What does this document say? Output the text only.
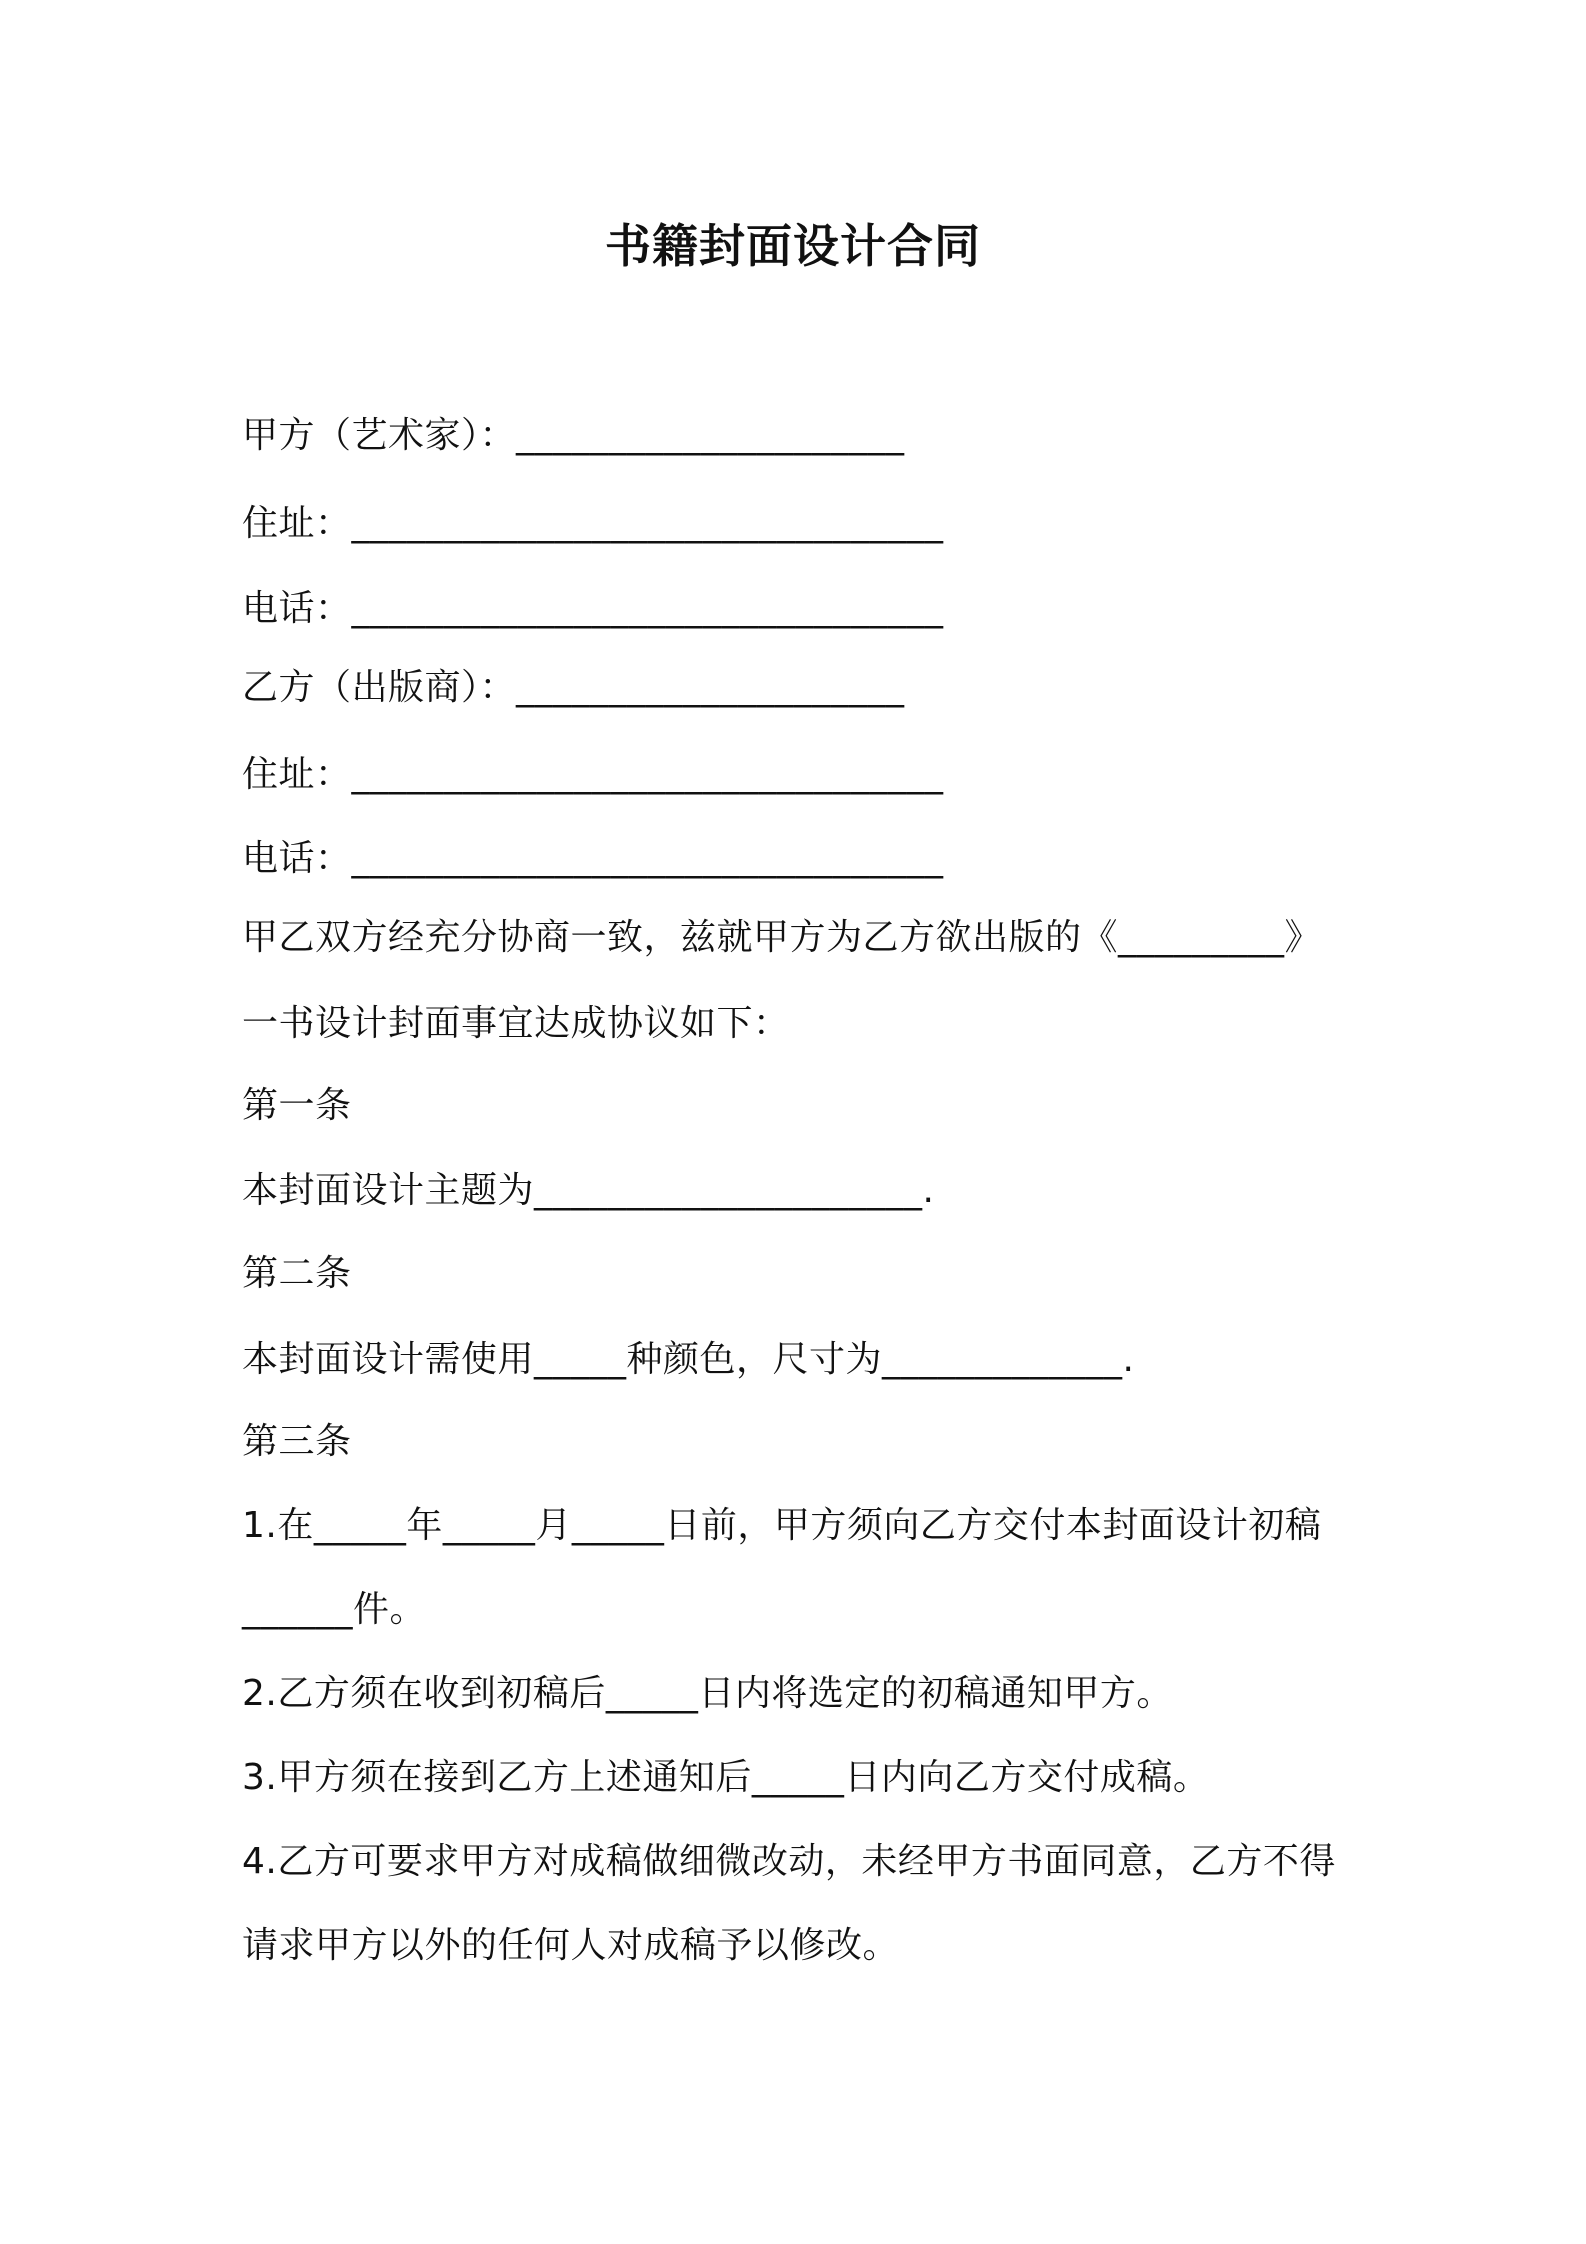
书籍封面设计合同
甲方（艺术家）：_____________________
住址：________________________________
电话：________________________________
乙方（出版商）：_____________________
住址：________________________________
电话：________________________________
甲乙双方经充分协商一致，兹就甲方为乙方欲出版的《_________》
一书设计封面事宜达成协议如下：
第一条
本封面设计主题为_____________________.
第二条
本封面设计需使用_____种颜色，尺寸为_____________.
第三条
1.在_____年_____月_____日前，甲方须向乙方交付本封面设计初稿
______件。
2.乙方须在收到初稿后_____日内将选定的初稿通知甲方。
3.甲方须在接到乙方上述通知后_____日内向乙方交付成稿。
4.乙方可要求甲方对成稿做细微改动，未经甲方书面同意，乙方不得
请求甲方以外的任何人对成稿予以修改。
